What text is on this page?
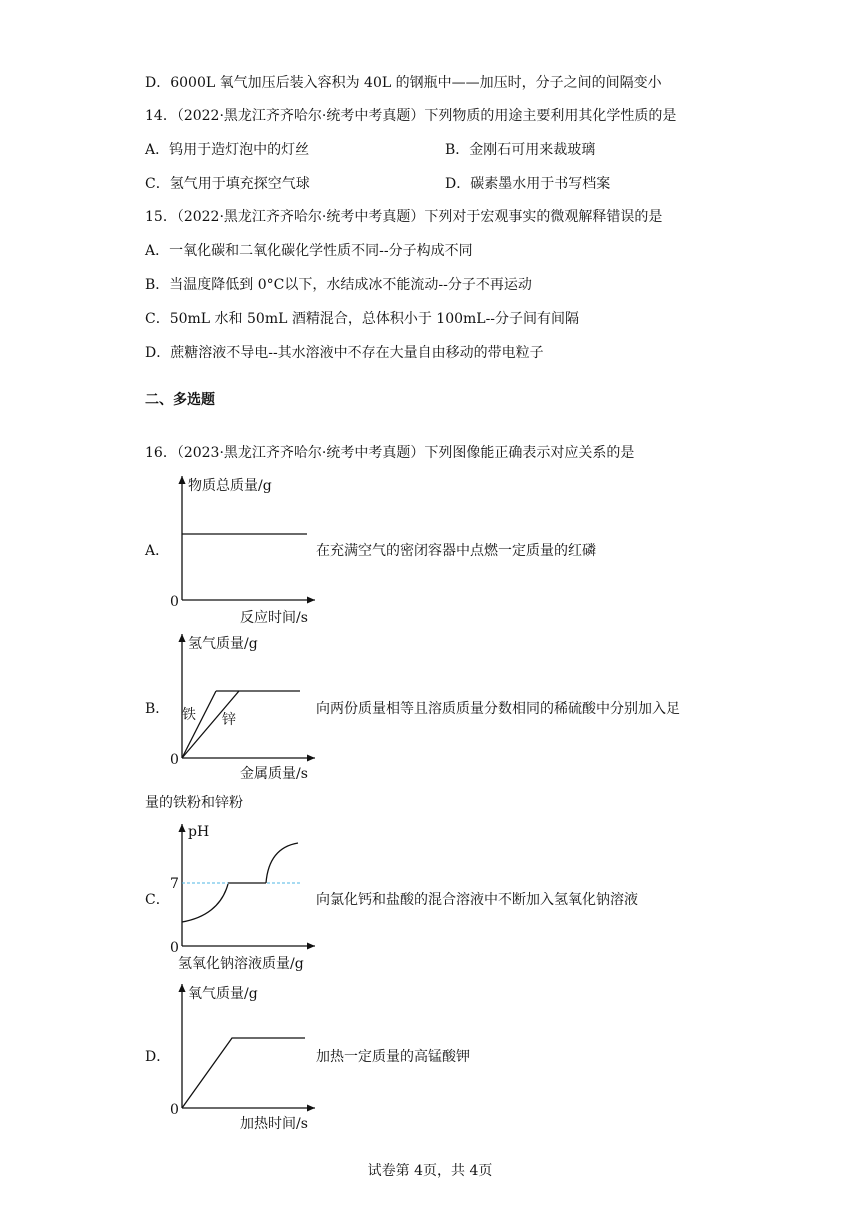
D．6000L 氧气加压后装入容积为 40L 的钢瓶中——加压时，分子之间的间隔变小
14．（2022·黑龙江齐齐哈尔·统考中考真题）下列物质的用途主要利用其化学性质的是
A．钨用于造灯泡中的灯丝	B．金刚石可用来裁玻璃
C．氢气用于填充探空气球	D．碳素墨水用于书写档案
15．（2022·黑龙江齐齐哈尔·统考中考真题）下列对于宏观事实的微观解释错误的是
A．一氧化碳和二氧化碳化学性质不同--分子构成不同
B．当温度降低到 0°C以下，水结成冰不能流动--分子不再运动
C．50mL 水和 50mL 酒精混合，总体积小于 100mL--分子间有间隔
D．蔗糖溶液不导电--其水溶液中不存在大量自由移动的带电粒子
二、多选题
16．（2023·黑龙江齐齐哈尔·统考中考真题）下列图像能正确表示对应关系的是
A．
物质总质量/g
反应时间/s
0
在充满空气的密闭容器中点燃一定质量的红磷
B．
氢气质量/g
金属质量/s
0
铁 锌
向两份质量相等且溶质质量分数相同的稀硫酸中分别加入足
量的铁粉和锌粉
C．
pH
氢氧化钠溶液质量/g
0
7
向氯化钙和盐酸的混合溶液中不断加入氢氧化钠溶液
D．
氧气质量/g
加热时间/s
0
加热一定质量的高锰酸钾
试卷第 4页，共 4页
